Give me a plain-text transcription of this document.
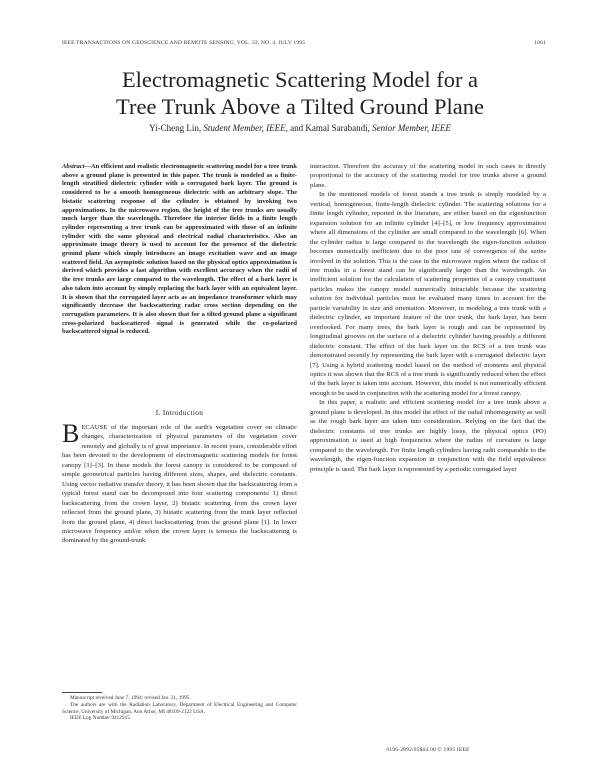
IEEE TRANSACTIONS ON GEOSCIENCE AND REMOTE SENSING, VOL. 33, NO. 4, JULY 1995	1061
Electromagnetic Scattering Model for a
Tree Trunk Above a Tilted Ground Plane
Yi-Cheng Lin, Student Member, IEEE, and Kamal Sarabandi, Senior Member, IEEE
Abstract—An efficient and realistic electromagnetic scattering model for a tree trunk above a ground plane is presented in this paper. The trunk is modeled as a finite-length stratified dielectric cylinder with a corrugated bark layer. The ground is considered to be a smooth homogeneous dielectric with an arbitrary slope. The bistatic scattering response of the cylinder is obtained by invoking two approximations. In the microwave region, the height of the tree trunks are usually much larger than the wavelength. Therefore the interior fields in a finite length cylinder representing a tree trunk can be approximated with those of an infinite cylinder with the same physical and electrical radial characteristics. Also an approximate image theory is used to account for the presence of the dielectric ground plane which simply introduces an image excitation wave and an image scattered field. An asymptotic solution based on the physical optics approximation is derived which provides a fast algorithm with excellent accuracy when the radii of the tree trunks are large compared to the wavelength. The effect of a bark layer is also taken into account by simply replacing the bark layer with an equivalent layer. It is shown that the corrugated layer acts as an impedance transformer which may significantly decrease the backscattering radar cross section depending on the corrugation parameters. It is also shown that for a tilted ground plane a significant cross-polarized backscattered signal is generated while the co-polarized backscattered signal is reduced.
I. Introduction

BECAUSE of the important role of the earth's vegetation cover on climatic changes, characterization of physical parameters of the vegetation cover remotely and globally is of great importance. In recent years, considerable effort has been devoted to the development of electromagnetic scattering models for forest canopy [1]–[3]. In these models the forest canopy is considered to be composed of simple geometrical particles having different sizes, shapes, and dielectric constants. Using vector radiative transfer theory, it has been shown that the backscattering from a typical forest stand can be decomposed into four scattering components: 1) direct backscattering from the crown layer, 2) bistatic scattering from the crown layer reflected from the ground plane, 3) bistatic scattering from the trunk layer reflected from the ground plane, 4) direct backscattering from the ground plane [1]. In lower microwave frequency and/or when the crown layer is tenuous the backscattering is dominated by the ground-trunk

interaction. Therefore the accuracy of the scattering model in such cases is directly proportional to the accuracy of the scattering model for tree trunks above a ground plane.

In the mentioned models of forest stands a tree trunk is simply modeled by a vertical, homogeneous, finite-length dielectric cylinder. The scattering solutions for a finite length cylinder, reported in the literature, are either based on the eigenfunction expansion solution for an infinite cylinder [4]–[5], or low frequency approximation where all dimensions of the cylinder are small compared to the wavelength [6]. When the cylinder radius is large compared to the wavelength the eigen-function solution becomes numerically inefficient due to the poor rate of convergence of the series involved in the solution. This is the case in the microwave region where the radius of tree trunks in a forest stand can be significantly larger than the wavelength. An inefficient solution for the calculation of scattering properties of a canopy constituent particles makes the canopy model numerically intractable because the scattering solution for individual particles must be evaluated many times to account for the particle variability in size and orientation. Moreover, in modeling a tree trunk with a dielectric cylinder, an important feature of the tree trunk, the bark layer, has been overlooked. For many trees, the bark layer is rough and can be represented by longitudinal grooves on the surface of a dielectric cylinder having possibly a different dielectric constant. The effect of the bark layer on the RCS of a tree trunk was demonstrated recently by representing the bark layer with a corrugated dielectric layer [7]. Using a hybrid scattering model based on the method of moments and physical optics it was shown that the RCS of a tree trunk is significantly reduced when the effect of the bark layer is taken into account. However, this model is not numerically efficient enough to be used in conjunction with the scattering model for a forest canopy.

In this paper, a realistic and efficient scattering model for a tree trunk above a ground plane is developed. In this model the effect of the radial inhomogeneity as well as the rough bark layer are taken into consideration. Relying on the fact that the dielectric constants of tree trunks are highly lossy, the physical optics (PO) approximation is used at high frequencies where the radius of curvature is large compared to the wavelength. For finite length cylinders having radii comparable to the wavelength, the eigen-function expansion in conjunction with the field equivalence principle is used. The bark layer is represented by a periodic corrugated layer

Manuscript received June 7, 1994; revised Jan. 31, 1995.

The authors are with the Radiation Laboratory, Department of Electrical Engineering and Computer Science, University of Michigan, Ann Arbor, MI 48109-2122 USA.

IEEE Log Number 9412915.

0196-2892/95$04.00 © 1995 IEEE
